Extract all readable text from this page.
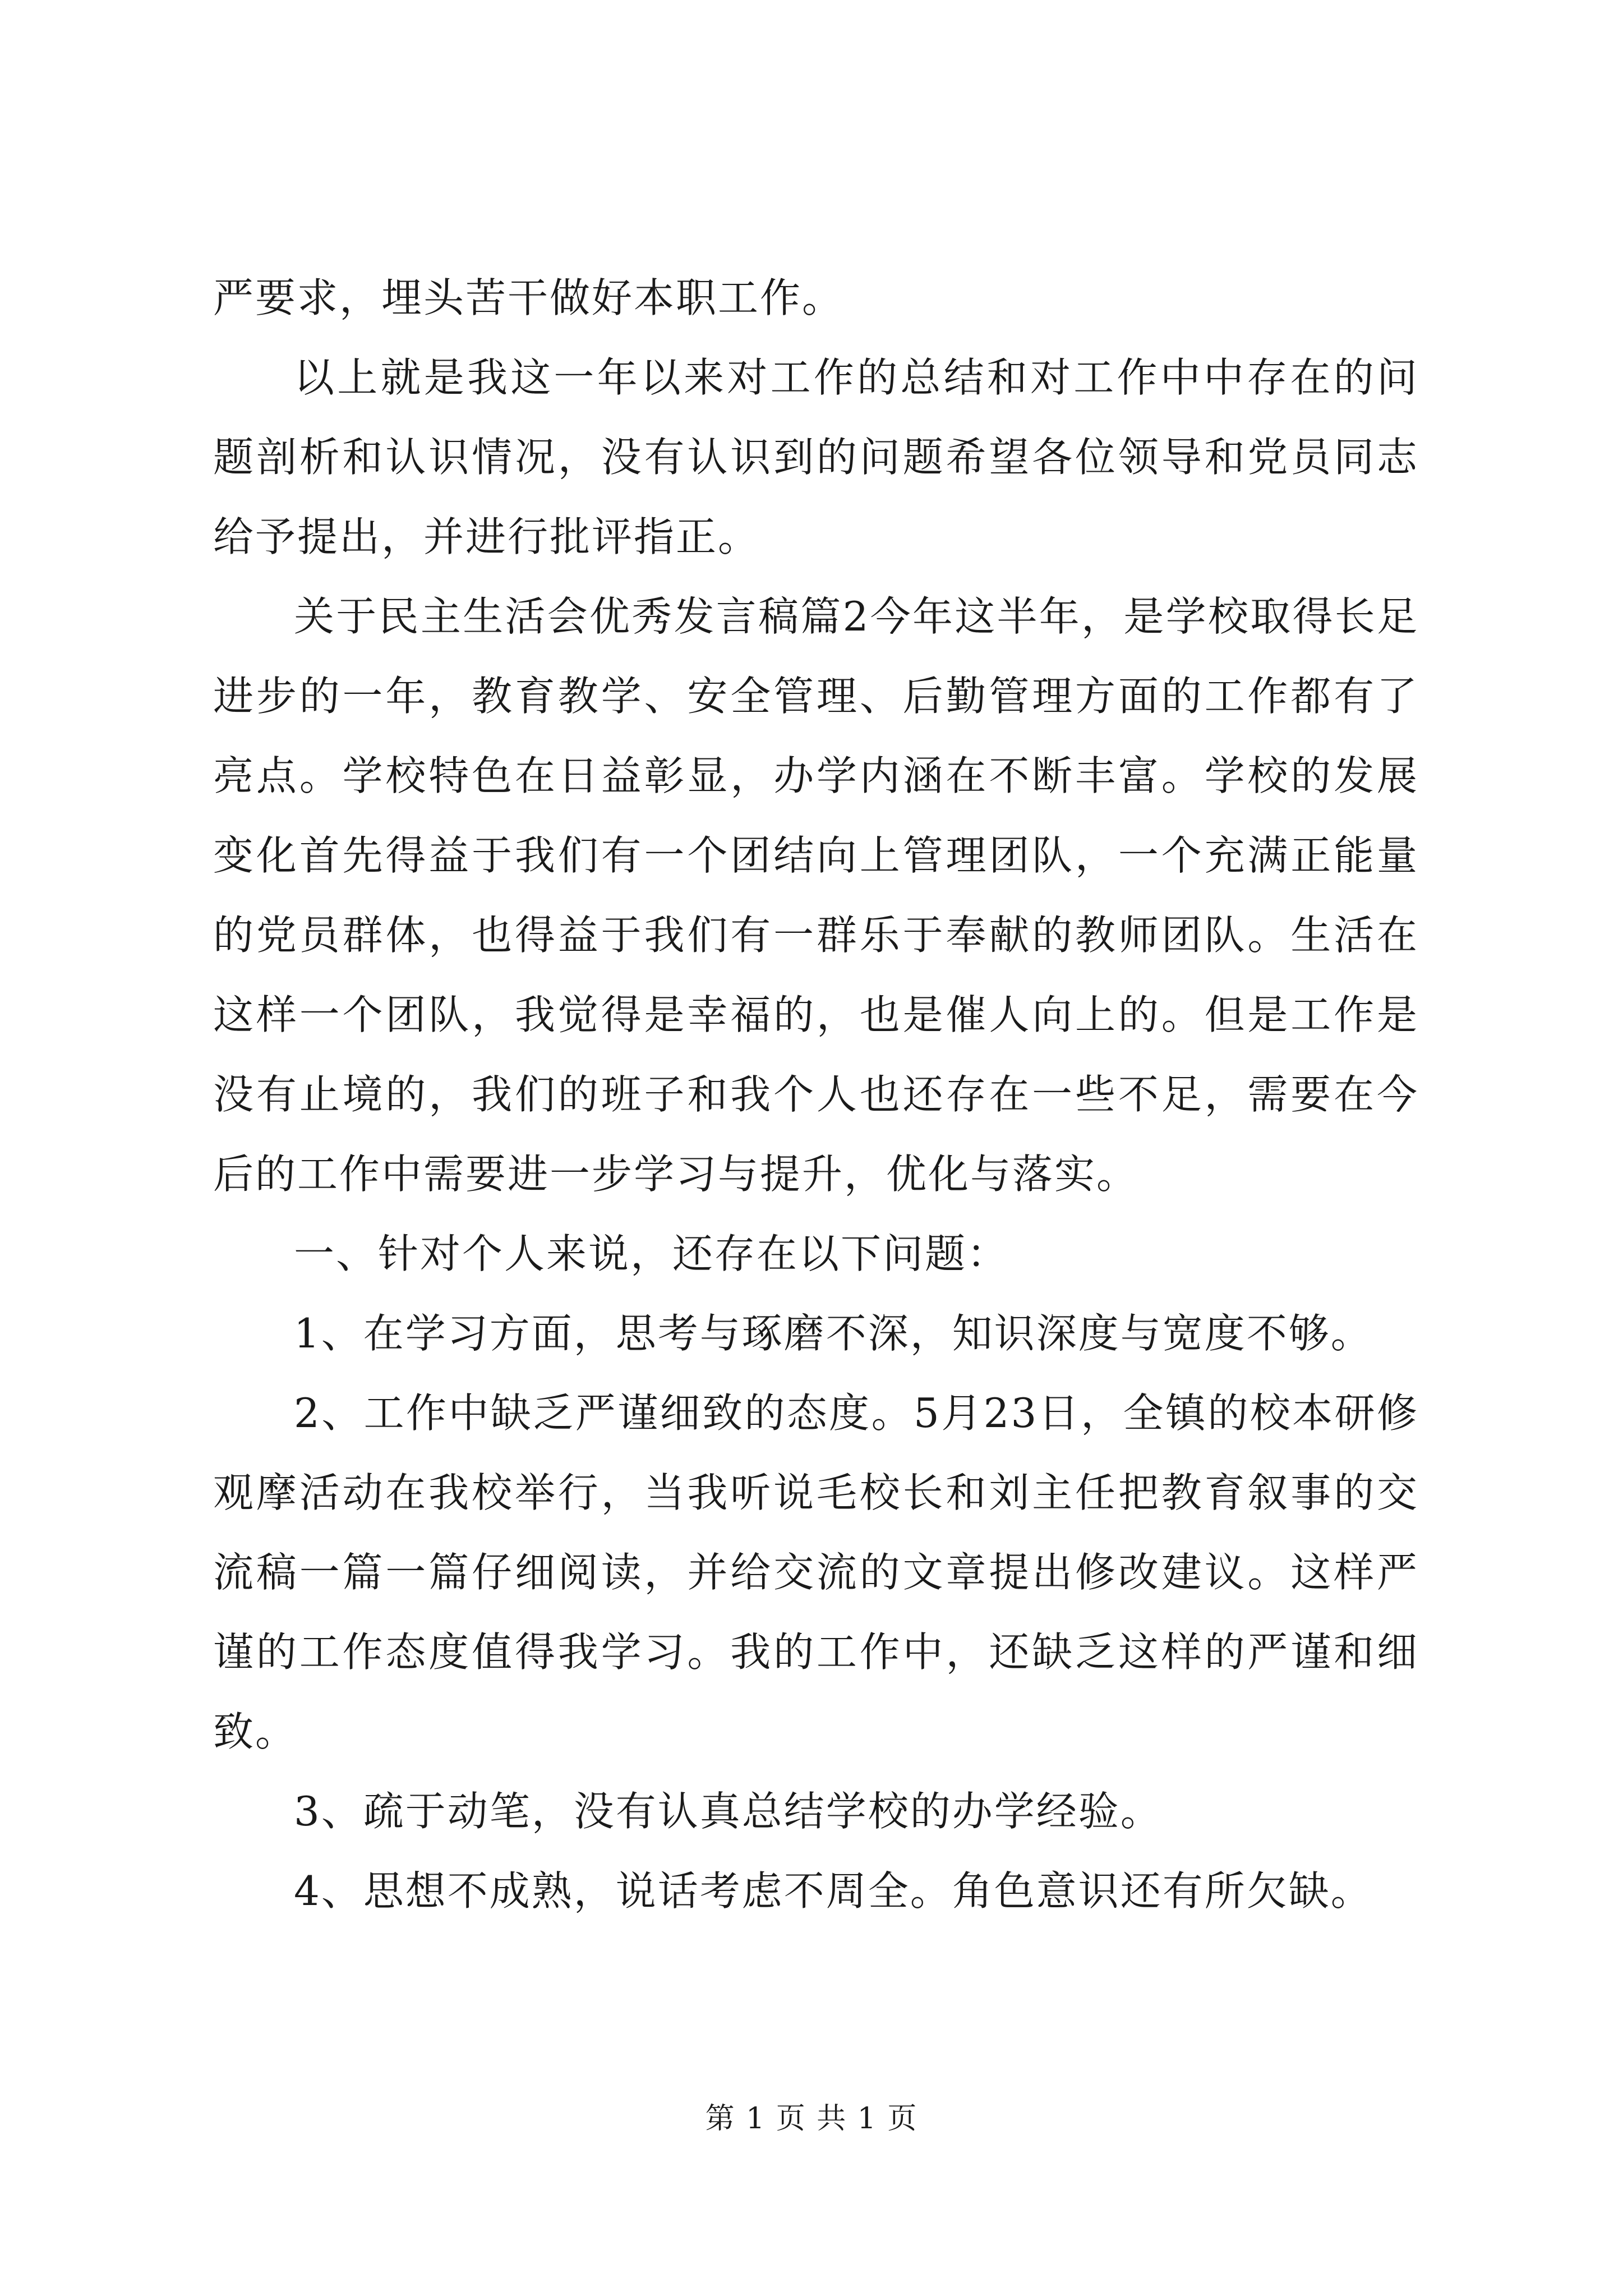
严要求，埋头苦干做好本职工作。

以上就是我这一年以来对工作的总结和对工作中中存在的问题剖析和认识情况，没有认识到的问题希望各位领导和党员同志给予提出，并进行批评指正。

关于民主生活会优秀发言稿篇2今年这半年，是学校取得长足进步的一年，教育教学、安全管理、后勤管理方面的工作都有了亮点。学校特色在日益彰显，办学内涵在不断丰富。学校的发展变化首先得益于我们有一个团结向上管理团队，一个充满正能量的党员群体，也得益于我们有一群乐于奉献的教师团队。生活在这样一个团队，我觉得是幸福的，也是催人向上的。但是工作是没有止境的，我们的班子和我个人也还存在一些不足，需要在今后的工作中需要进一步学习与提升，优化与落实。

一、针对个人来说，还存在以下问题：

1、在学习方面，思考与琢磨不深，知识深度与宽度不够。

2、工作中缺乏严谨细致的态度。5月23日，全镇的校本研修观摩活动在我校举行，当我听说毛校长和刘主任把教育叙事的交流稿一篇一篇仔细阅读，并给交流的文章提出修改建议。这样严谨的工作态度值得我学习。我的工作中，还缺乏这样的严谨和细致。

3、疏于动笔，没有认真总结学校的办学经验。

4、思想不成熟，说话考虑不周全。角色意识还有所欠缺。

第 1 页 共 1 页
